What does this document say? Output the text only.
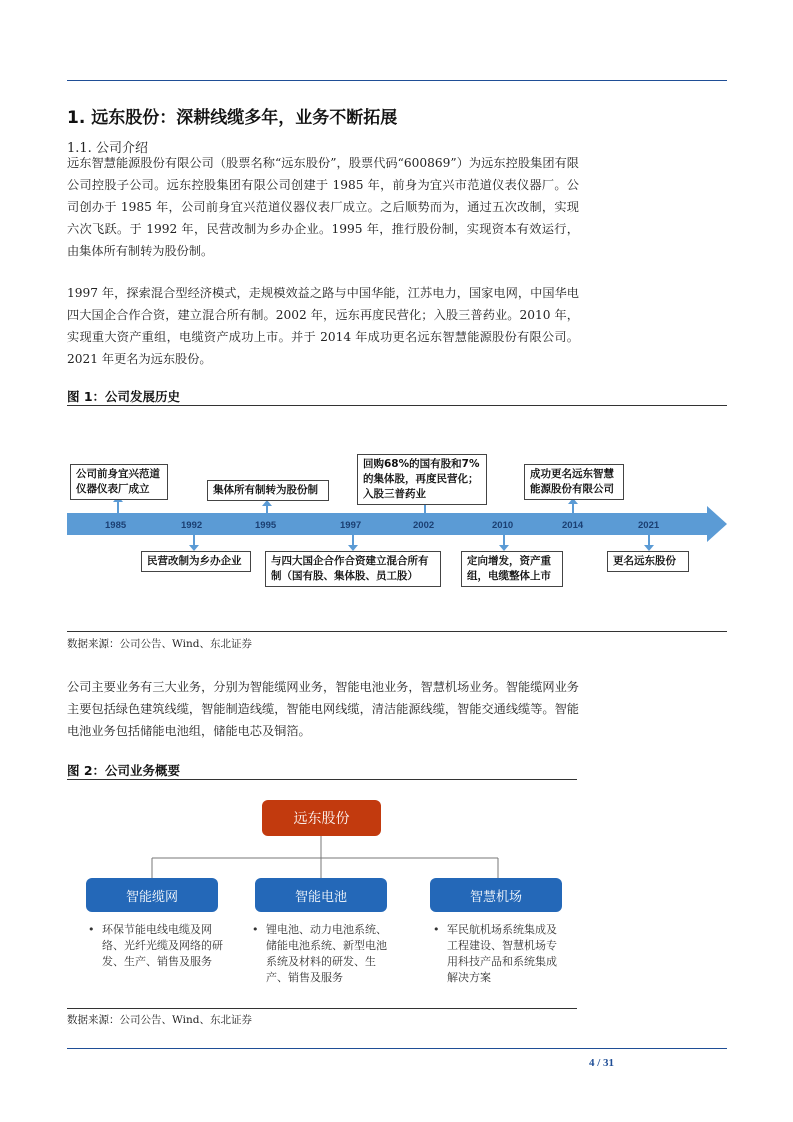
1. 远东股份：深耕线缆多年，业务不断拓展
1.1. 公司介绍
远东智慧能源股份有限公司（股票名称“远东股份”，股票代码“600869”）为远东控股集团有限公司控股子公司。远东控股集团有限公司创建于 1985 年，前身为宜兴市范道仪表仪器厂。公司创办于 1985 年，公司前身宜兴范道仪器仪表厂成立。之后顺势而为，通过五次改制，实现六次飞跃。于 1992 年，民营改制为乡办企业。1995 年，推行股份制，实现资本有效运行，由集体所有制转为股份制。
1997 年，探索混合型经济模式，走规模效益之路与中国华能，江苏电力，国家电网，中国华电四大国企合作合资，建立混合所有制。2002 年，远东再度民营化；入股三普药业。2010 年，实现重大资产重组，电缆资产成功上市。并于 2014 年成功更名远东智慧能源股份有限公司。2021 年更名为远东股份。
图 1：公司发展历史
1985	1992	1995	1997	2002	2010	2014	2021
公司前身宜兴范道仪器仪表厂成立	集体所有制转为股份制
回购68%的国有股和7%的集体股，再度民营化；入股三普药业
成功更名远东智慧能源股份有限公司
民营改制为乡办企业	与四大国企合作合资建立混合所有制（国有股、集体股、员工股）
定向增发，资产重组，电缆整体上市
更名远东股份
数据来源：公司公告、Wind、东北证券
公司主要业务有三大业务，分别为智能缆网业务，智能电池业务，智慧机场业务。智能缆网业务主要包括绿色建筑线缆，智能制造线缆，智能电网线缆，清洁能源线缆，智能交通线缆等。智能电池业务包括储能电池组，储能电芯及铜箔。
图 2：公司业务概要
远东股份
智能缆网	智能电池	智慧机场
• 环保节能电线电缆及网络、光纤光缆及网络的研发、生产、销售及服务
• 锂电池、动力电池系统、储能电池系统、新型电池系统及材料的研发、生产、销售及服务
• 军民航机场系统集成及工程建设、智慧机场专用科技产品和系统集成解决方案
数据来源：公司公告、Wind、东北证券
4 / 31
